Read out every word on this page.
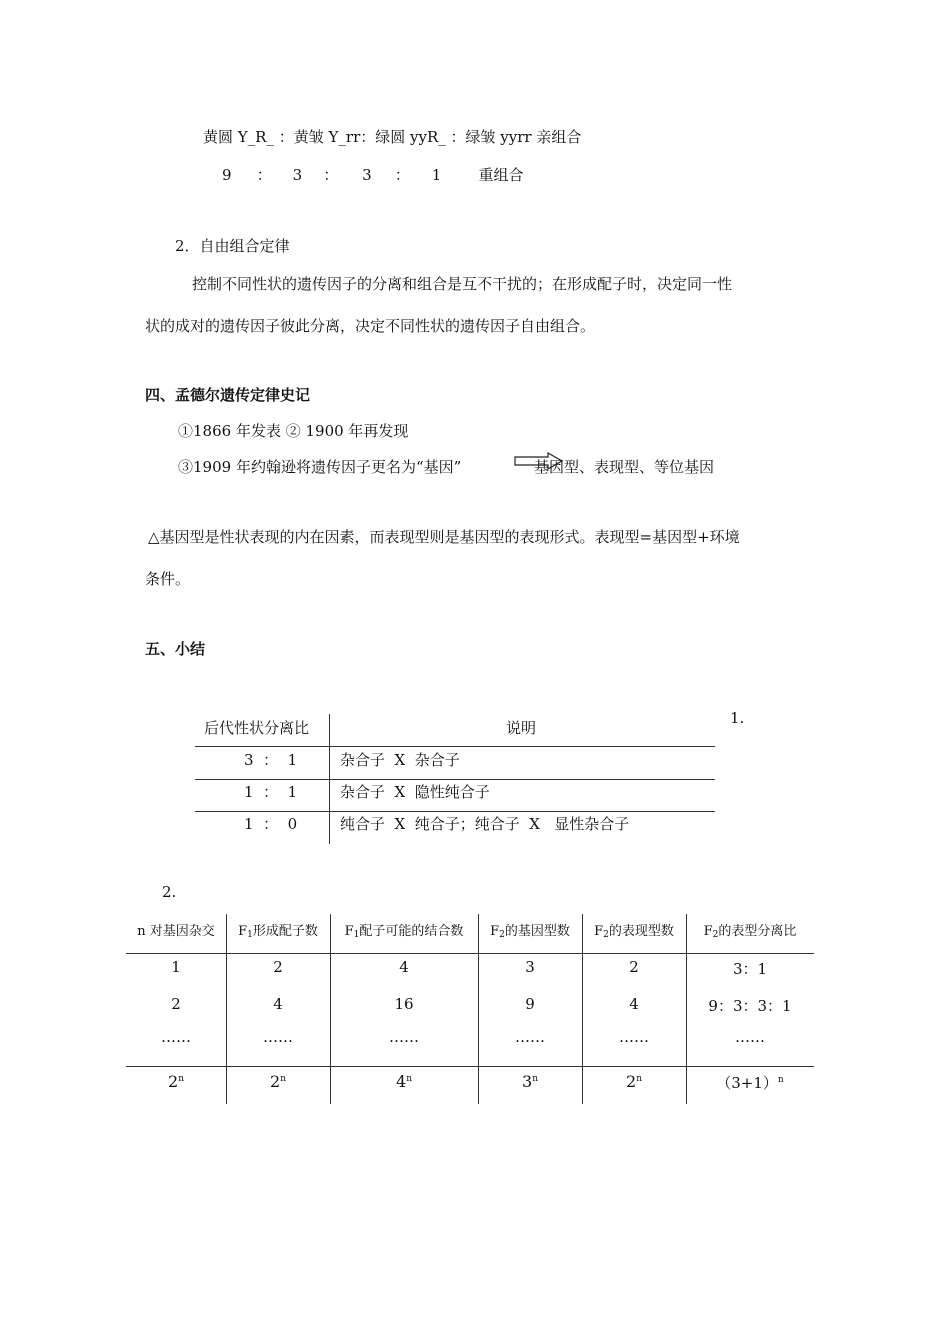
黄圆 Y_R_ ：黄皱 Y_rr：绿圆 yyR_ ：绿皱 yyrr 亲组合
9 ： 3 ： 3 ： 1 重组合
2．自由组合定律
控制不同性状的遗传因子的分离和组合是互不干扰的；在形成配子时，决定同一性
状的成对的遗传因子彼此分离，决定不同性状的遗传因子自由组合。
四、孟德尔遗传定律史记
①1866 年发表 ② 1900 年再发现
③1909 年约翰逊将遗传因子更名为“基因”	基因型、表现型、等位基因
△基因型是性状表现的内在因素，而表现型则是基因型的表现形式。表现型=基因型+环境
条件。
五、小结
1.
后代性状分离比	说明
3  ：  1	杂合子  X  杂合子
1  ：  1	杂合子  X  隐性纯合子
1  ：  0	纯合子  X  纯合子；纯合子  X   显性杂合子
2.
n 对基因杂交	$F_1$形成配子数	$F_1$配子可能的结合数	$F_2$的基因型数	$F_2$的表现型数	$F_2$的表型分离比
1	2	4	3	2	3：1
2	4	16	9	4	9：3：3：1
……	……	……	……	……	……
2$^n$	2$^n$	4$^n$	3$^n$	2$^n$	$(3+1)^n$
